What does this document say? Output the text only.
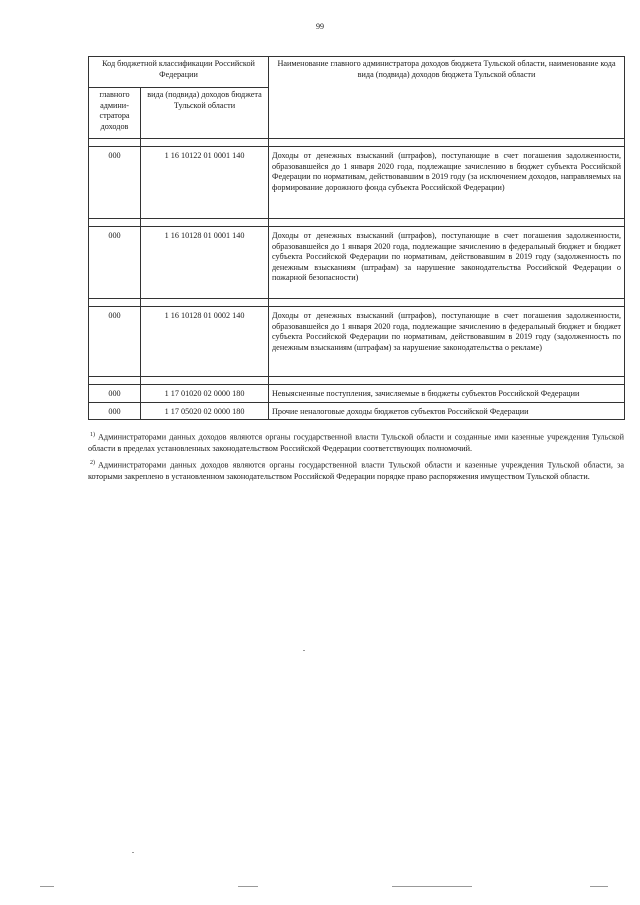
99
Код бюджетной классификации Российской Федерации		Наименование главного администратора доходов бюджета Тульской области, наименование кода вида (подвида) доходов бюджета Тульской области
главного админи-стратора доходов	вида (подвида) доходов бюджета Тульской области	

000	1 16 10122 01 0001 140	Доходы от денежных взысканий (штрафов), поступающие в счет погашения задолженности, образовавшейся до 1 января 2020 года, подлежащие зачислению в бюджет субъекта Российской Федерации по нормативам, действовавшим в 2019 году (за исключением доходов, направляемых на формирование дорожного фонда субъекта Российской Федерации)

000	1 16 10128 01 0001 140	Доходы от денежных взысканий (штрафов), поступающие в счет погашения задолженности, образовавшейся до 1 января 2020 года, подлежащие зачислению в федеральный бюджет и бюджет субъекта Российской Федерации по нормативам, действовавшим в 2019 году (задолженность по денежным взысканиям (штрафам) за нарушение законодательства Российской Федерации о пожарной безопасности)

000	1 16 10128 01 0002 140	Доходы от денежных взысканий (штрафов), поступающие в счет погашения задолженности, образовавшейся до 1 января 2020 года, подлежащие зачислению в федеральный бюджет и бюджет субъекта Российской Федерации по нормативам, действовавшим в 2019 году (задолженность по денежным взысканиям (штрафам) за нарушение законодательства о рекламе)

000	1 17 01020 02 0000 180	Невыясненные поступления, зачисляемые в бюджеты субъектов Российской Федерации
000	1 17 05020 02 0000 180	Прочие неналоговые доходы бюджетов субъектов Российской Федерации

$^{1)}$ Администраторами данных доходов являются органы государственной власти Тульской области и созданные ими казенные учреждения Тульской области в пределах установленных законодательством Российской Федерации соответствующих полномочий.

$^{2)}$ Администраторами данных доходов являются органы государственной власти Тульской области и казенные учреждения Тульской области, за которыми закреплено в установленном законодательством Российской Федерации порядке право распоряжения имуществом Тульской области.
